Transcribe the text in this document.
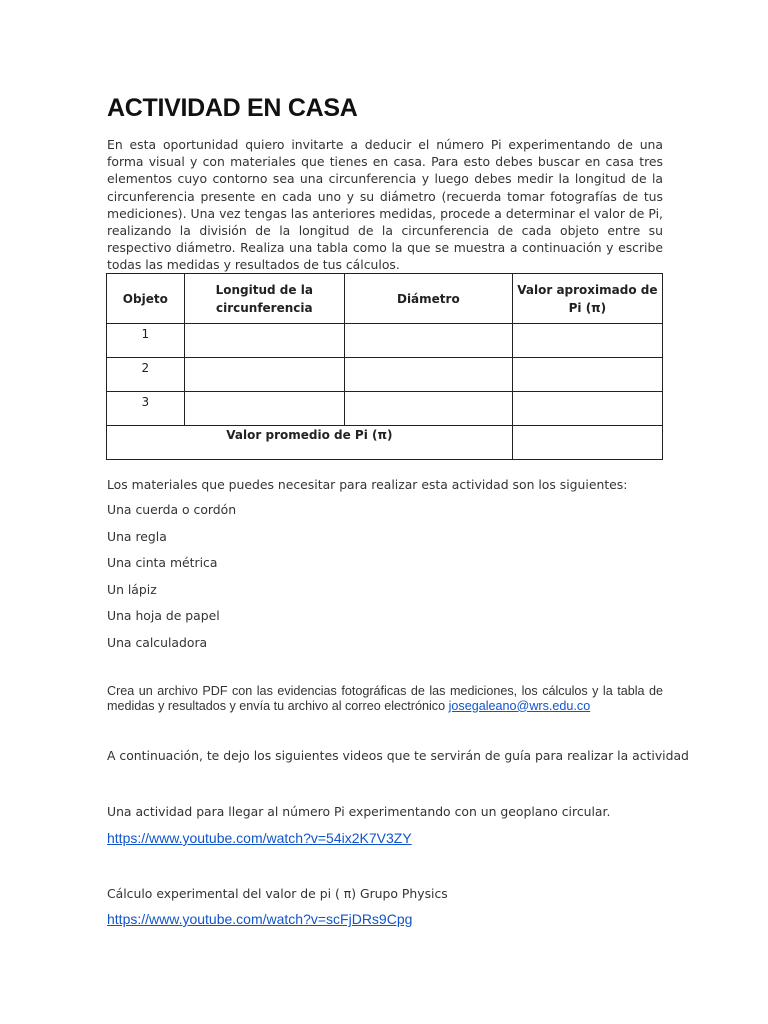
ACTIVIDAD EN CASA

En esta oportunidad quiero invitarte a deducir el número Pi experimentando de una forma visual y con materiales que tienes en casa. Para esto debes buscar en casa tres elementos cuyo contorno sea una circunferencia y luego debes medir la longitud de la circunferencia presente en cada uno y su diámetro (recuerda tomar fotografías de tus mediciones). Una vez tengas las anteriores medidas, procede a determinar el valor de Pi, realizando la división de la longitud de la circunferencia de cada objeto entre su respectivo diámetro. Realiza una tabla como la que se muestra a continuación y escribe todas las medidas y resultados de tus cálculos.

Objeto	Longitud de la circunferencia	Diámetro	Valor aproximado de Pi (π)
1			
2			
3			
Valor promedio de Pi (π)			

Los materiales que puedes necesitar para realizar esta actividad son los siguientes:

Una cuerda o cordón
Una regla
Una cinta métrica
Un lápiz
Una hoja de papel
Una calculadora

Crea un archivo PDF con las evidencias fotográficas de las mediciones, los cálculos y la tabla de medidas y resultados y envía tu archivo al correo electrónico josegaleano@wrs.edu.co

A continuación, te dejo los siguientes videos que te servirán de guía para realizar la actividad

Una actividad para llegar al número Pi experimentando con un geoplano circular.

https://www.youtube.com/watch?v=54ix2K7V3ZY

Cálculo experimental del valor de pi ( π) Grupo Physics

https://www.youtube.com/watch?v=scFjDRs9Cpg
